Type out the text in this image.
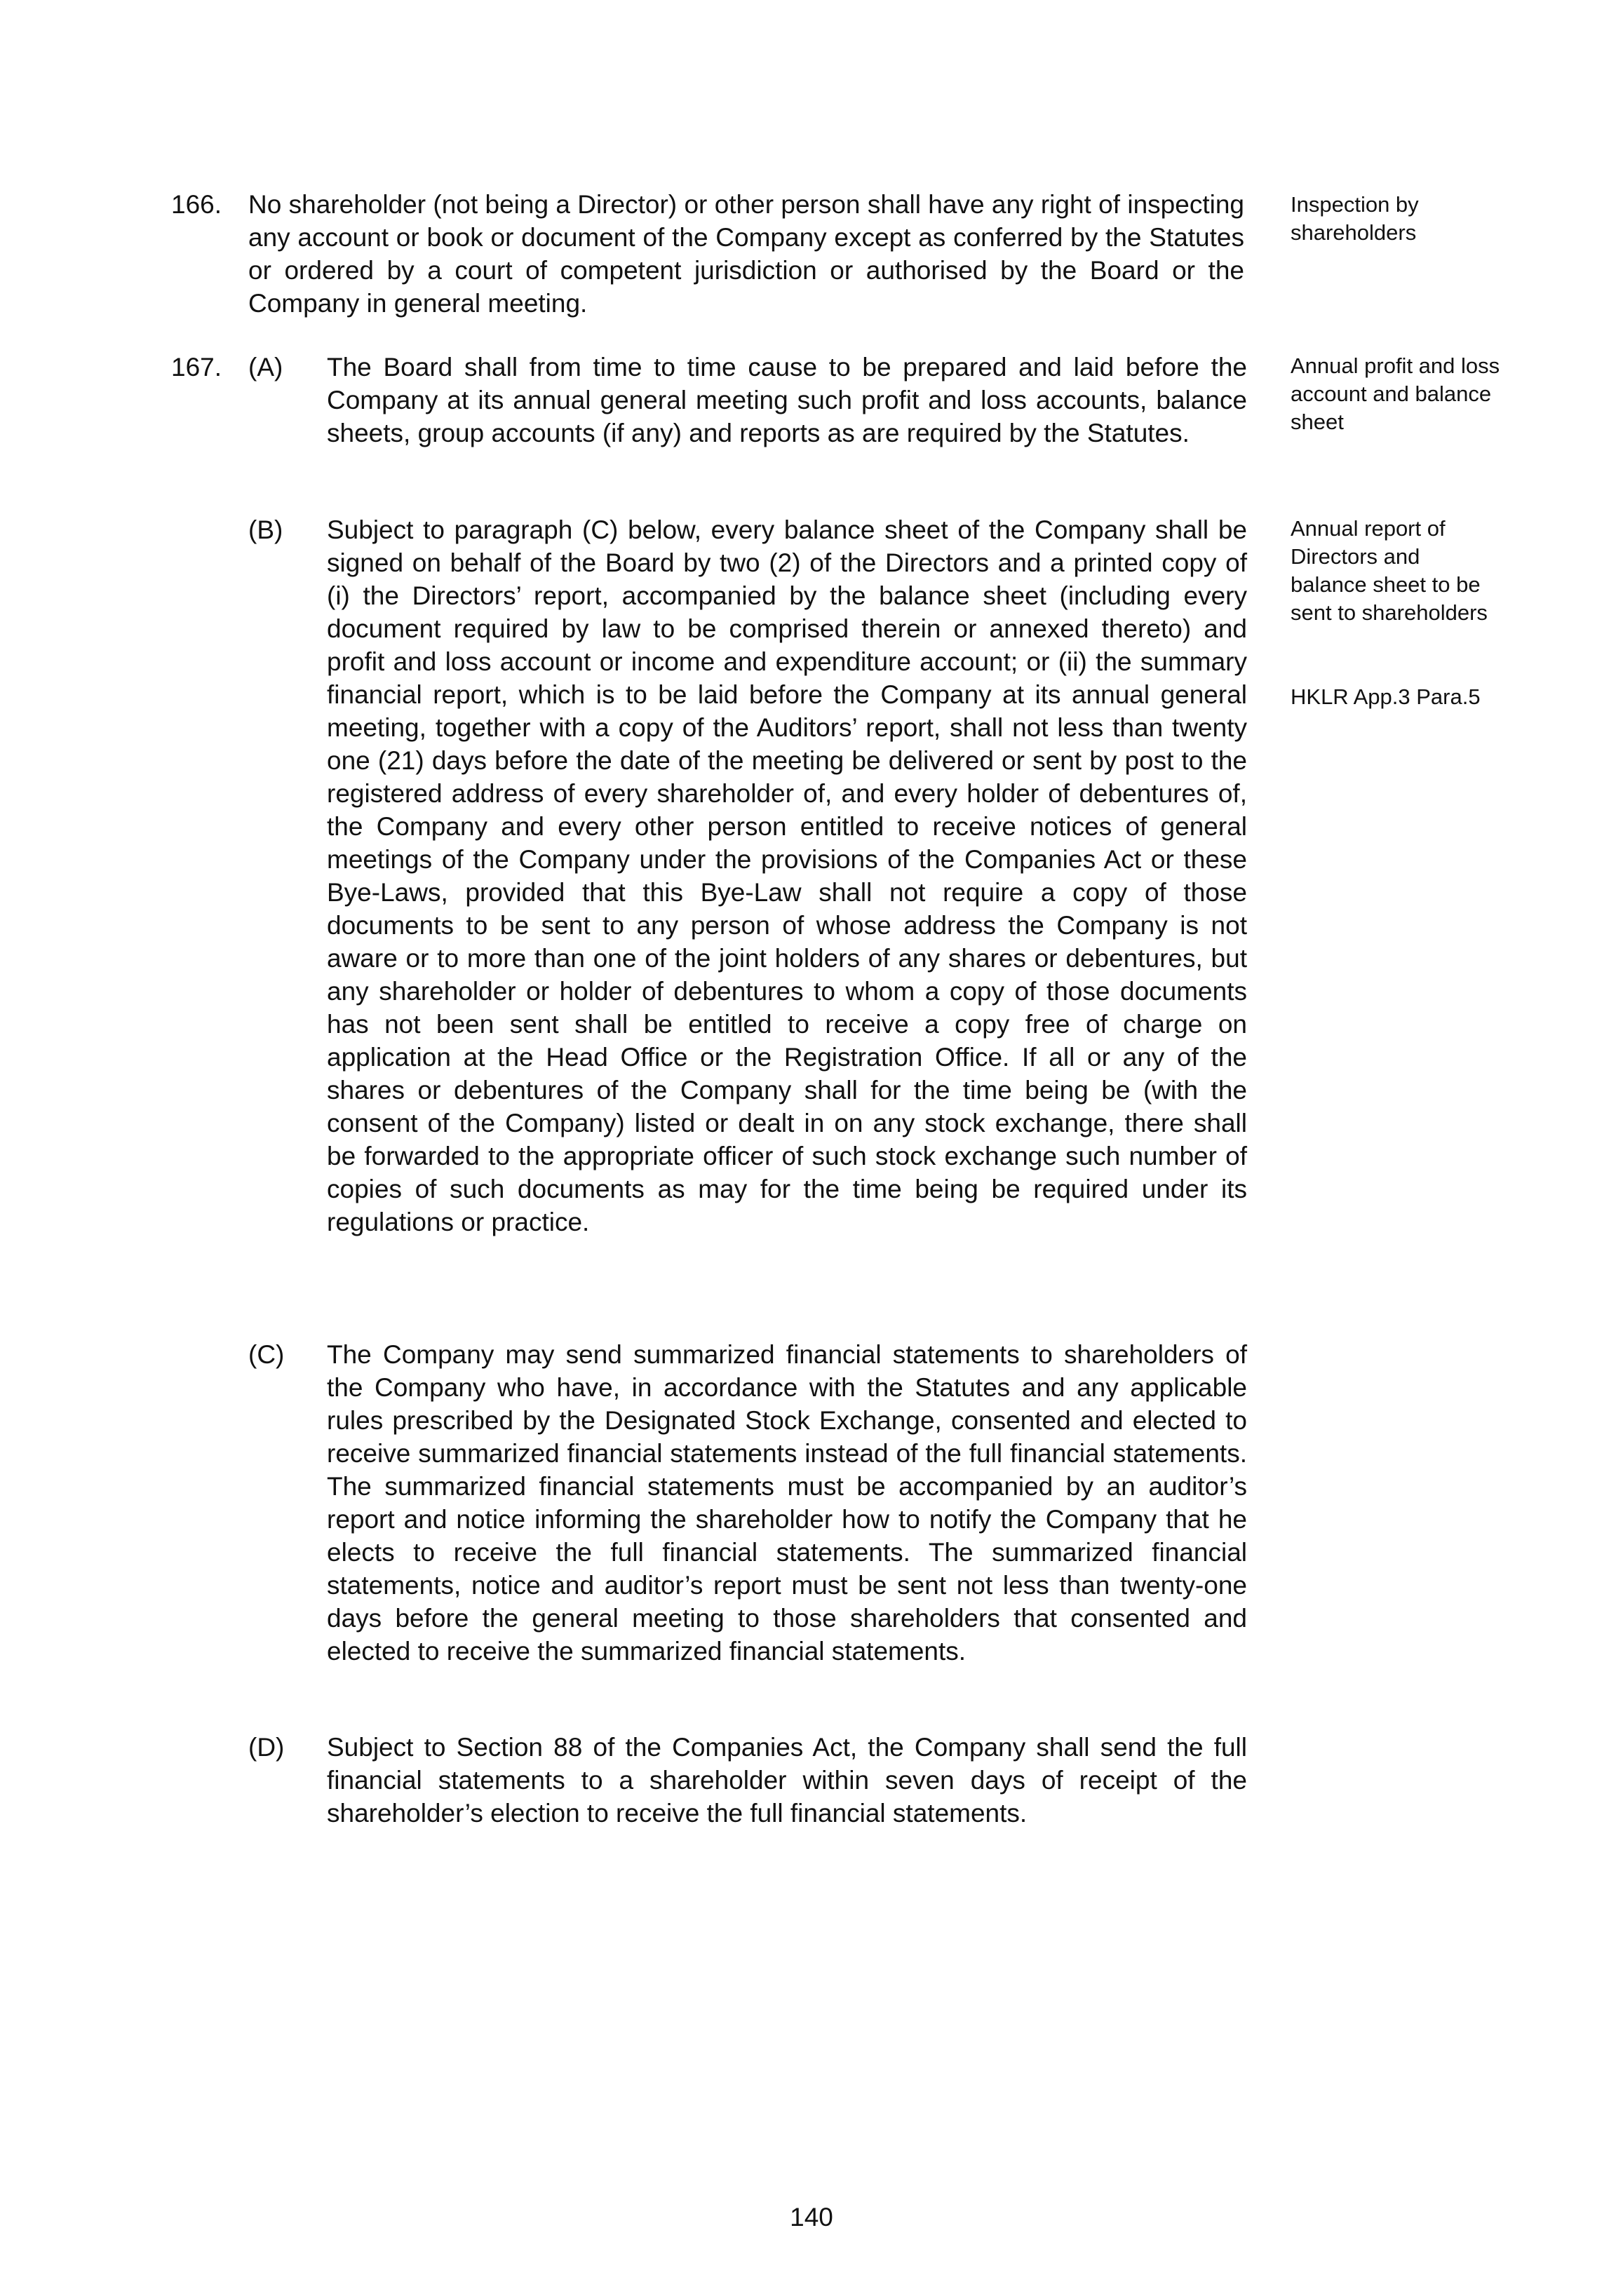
166. No shareholder (not being a Director) or other person shall have any right of inspecting any account or book or document of the Company except as conferred by the Statutes or ordered by a court of competent jurisdiction or authorised by the Board or the Company in general meeting.
Inspection by shareholders
167. (A) The Board shall from time to time cause to be prepared and laid before the Company at its annual general meeting such profit and loss accounts, balance sheets, group accounts (if any) and reports as are required by the Statutes.
Annual profit and loss account and balance sheet
(B) Subject to paragraph (C) below, every balance sheet of the Company shall be signed on behalf of the Board by two (2) of the Directors and a printed copy of (i) the Directors’ report, accompanied by the balance sheet (including every document required by law to be comprised therein or annexed thereto) and profit and loss account or income and expenditure account; or (ii) the summary financial report, which is to be laid before the Company at its annual general meeting, together with a copy of the Auditors’ report, shall not less than twenty one (21) days before the date of the meeting be delivered or sent by post to the registered address of every shareholder of, and every holder of debentures of, the Company and every other person entitled to receive notices of general meetings of the Company under the provisions of the Companies Act or these Bye-Laws, provided that this Bye-Law shall not require a copy of those documents to be sent to any person of whose address the Company is not aware or to more than one of the joint holders of any shares or debentures, but any shareholder or holder of debentures to whom a copy of those documents has not been sent shall be entitled to receive a copy free of charge on application at the Head Office or the Registration Office. If all or any of the shares or debentures of the Company shall for the time being be (with the consent of the Company) listed or dealt in on any stock exchange, there shall be forwarded to the appropriate officer of such stock exchange such number of copies of such documents as may for the time being be required under its regulations or practice.
Annual report of Directors and balance sheet to be sent to shareholders
HKLR App.3 Para.5
(C) The Company may send summarized financial statements to shareholders of the Company who have, in accordance with the Statutes and any applicable rules prescribed by the Designated Stock Exchange, consented and elected to receive summarized financial statements instead of the full financial statements. The summarized financial statements must be accompanied by an auditor’s report and notice informing the shareholder how to notify the Company that he elects to receive the full financial statements. The summarized financial statements, notice and auditor’s report must be sent not less than twenty-one days before the general meeting to those shareholders that consented and elected to receive the summarized financial statements.
(D) Subject to Section 88 of the Companies Act, the Company shall send the full financial statements to a shareholder within seven days of receipt of the shareholder’s election to receive the full financial statements.
140
